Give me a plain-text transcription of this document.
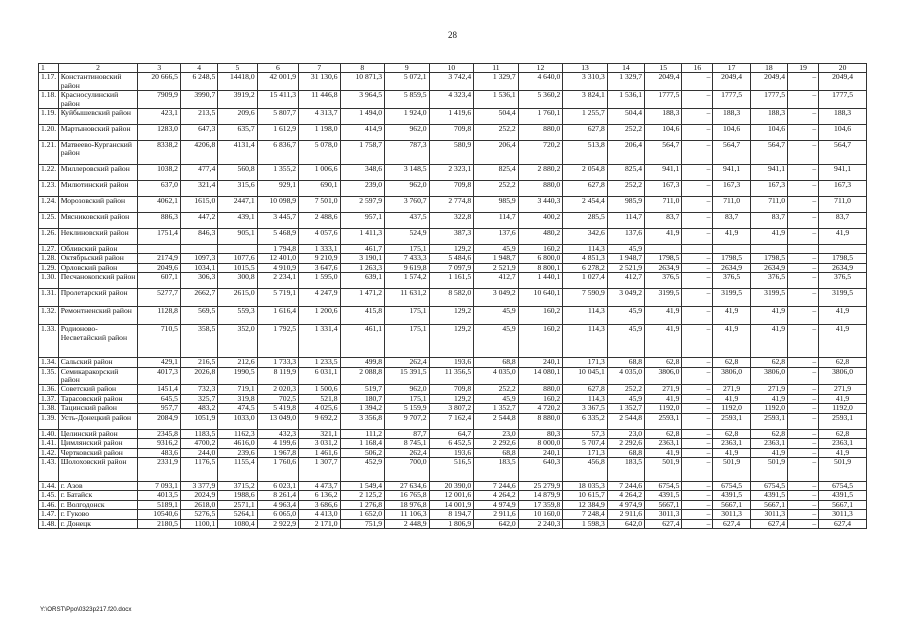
28
1	2	3	4	5	6	7	8	9	10	11	12	13	14	15	16	17	18	19	20
1.17.	Константиновский район	20 666,5	6 248,5	14418,0	42 001,9	31 130,6	10 871,3	5 072,1	3 742,4	1 329,7	4 640,0	3 310,3	1 329,7	2049,4	–	2049,4	2049,4	–	2049,4
1.18.	Красносулинский район	7909,9	3990,7	3919,2	15 411,3	11 446,8	3 964,5	5 859,5	4 323,4	1 536,1	5 360,2	3 824,1	1 536,1	1777,5	–	1777,5	1777,5	–	1777,5
1.19.	Куйбышевский район	423,1	213,5	209,6	5 807,7	4 313,7	1 494,0	1 924,0	1 419,6	504,4	1 760,1	1 255,7	504,4	188,3	–	188,3	188,3	–	188,3
1.20.	Мартыновский район	1283,0	647,3	635,7	1 612,9	1 198,0	414,9	962,0	709,8	252,2	880,0	627,8	252,2	104,6	–	104,6	104,6	–	104,6
1.21.	Матвеево-Курганский район	8338,2	4206,8	4131,4	6 836,7	5 078,0	1 758,7	787,3	580,9	206,4	720,2	513,8	206,4	564,7	–	564,7	564,7	–	564,7
1.22.	Миллеровский район	1038,2	477,4	560,8	1 355,2	1 006,6	348,6	3 148,5	2 323,1	825,4	2 880,2	2 054,8	825,4	941,1	–	941,1	941,1	–	941,1
1.23.	Милютинский район	637,0	321,4	315,6	929,1	690,1	239,0	962,0	709,8	252,2	880,0	627,8	252,2	167,3	–	167,3	167,3	–	167,3
1.24.	Морозовский район	4062,1	1615,0	2447,1	10 098,9	7 501,0	2 597,9	3 760,7	2 774,8	985,9	3 440,3	2 454,4	985,9	711,0	–	711,0	711,0	–	711,0
1.25.	Мясниковский район	886,3	447,2	439,1	3 445,7	2 488,6	957,1	437,5	322,8	114,7	400,2	285,5	114,7	83,7	–	83,7	83,7	–	83,7
1.26.	Неклиновский район	1751,4	846,3	905,1	5 468,9	4 057,6	1 411,3	524,9	387,3	137,6	480,2	342,6	137,6	41,9	–	41,9	41,9	–	41,9
1.27.	Обливский район				1 794,8	1 333,1	461,7	175,1	129,2	45,9	160,2	114,3	45,9						
1.28.	Октябрьский район	2174,9	1097,3	1077,6	12 401,0	9 210,9	3 190,1	7 433,3	5 484,6	1 948,7	6 800,0	4 851,3	1 948,7	1798,5	–	1798,5	1798,5	–	1798,5
1.29.	Орловский район	2049,6	1034,1	1015,5	4 910,9	3 647,6	1 263,3	9 619,8	7 097,9	2 521,9	8 800,1	6 278,2	2 521,9	2634,9	–	2634,9	2634,9	–	2634,9
1.30.	Песчанокопский район	607,1	306,3	300,8	2 234,1	1 595,0	639,1	1 574,2	1 161,5	412,7	1 440,1	1 027,4	412,7	376,5	–	376,5	376,5	–	376,5
1.31.	Пролетарский район	5277,7	2662,7	2615,0	5 719,1	4 247,9	1 471,2	11 631,2	8 582,0	3 049,2	10 640,1	7 590,9	3 049,2	3199,5	–	3199,5	3199,5	–	3199,5
1.32.	Ремонтненский район	1128,8	569,5	559,3	1 616,4	1 200,6	415,8	175,1	129,2	45,9	160,2	114,3	45,9	41,9	–	41,9	41,9	–	41,9
1.33.	Родионово-Несветайский район	710,5	358,5	352,0	1 792,5	1 331,4	461,1	175,1	129,2	45,9	160,2	114,3	45,9	41,9	–	41,9	41,9	–	41,9
1.34.	Сальский район	429,1	216,5	212,6	1 733,3	1 233,5	499,8	262,4	193,6	68,8	240,1	171,3	68,8	62,8	–	62,8	62,8	–	62,8
1.35.	Семикаракорский район	4017,3	2026,8	1990,5	8 119,9	6 031,1	2 088,8	15 391,5	11 356,5	4 035,0	14 080,1	10 045,1	4 035,0	3806,0	–	3806,0	3806,0	–	3806,0
1.36.	Советский район	1451,4	732,3	719,1	2 020,3	1 500,6	519,7	962,0	709,8	252,2	880,0	627,8	252,2	271,9	–	271,9	271,9	–	271,9
1.37.	Тарасовский район	645,5	325,7	319,8	702,5	521,8	180,7	175,1	129,2	45,9	160,2	114,3	45,9	41,9	–	41,9	41,9	–	41,9
1.38.	Тацинский район	957,7	483,2	474,5	5 419,8	4 025,6	1 394,2	5 159,9	3 807,2	1 352,7	4 720,2	3 367,5	1 352,7	1192,0	–	1192,0	1192,0	–	1192,0
1.39.	Усть-Донецкий район	2084,9	1051,9	1033,0	13 049,0	9 692,2	3 356,8	9 707,2	7 162,4	2 544,8	8 880,0	6 335,2	2 544,8	2593,1	–	2593,1	2593,1	–	2593,1
1.40.	Целинский район	2345,8	1183,5	1162,3	432,3	321,1	111,2	87,7	64,7	23,0	80,3	57,3	23,0	62,8	–	62,8	62,8	–	62,8
1.41.	Цимлянский район	9316,2	4700,2	4616,0	4 199,6	3 031,2	1 168,4	8 745,1	6 452,5	2 292,6	8 000,0	5 707,4	2 292,6	2363,1	–	2363,1	2363,1	–	2363,1
1.42.	Чертковский район	483,6	244,0	239,6	1 967,8	1 461,6	506,2	262,4	193,6	68,8	240,1	171,3	68,8	41,9	–	41,9	41,9	–	41,9
1.43.	Шолоховский район	2331,9	1176,5	1155,4	1 760,6	1 307,7	452,9	700,0	516,5	183,5	640,3	456,8	183,5	501,9	–	501,9	501,9	–	501,9
1.44.	г. Азов	7 093,1	3 377,9	3715,2	6 023,1	4 473,7	1 549,4	27 634,6	20 390,0	7 244,6	25 279,9	18 035,3	7 244,6	6754,5	–	6754,5	6754,5	–	6754,5
1.45.	г. Батайск	4013,5	2024,9	1988,6	8 261,4	6 136,2	2 125,2	16 765,8	12 001,6	4 264,2	14 879,9	10 615,7	4 264,2	4391,5	–	4391,5	4391,5	–	4391,5
1.46.	г. Волгодонск	5189,1	2618,0	2571,1	4 963,4	3 686,6	1 276,8	18 976,8	14 001,9	4 974,9	17 359,8	12 384,9	4 974,9	5667,1	–	5667,1	5667,1	–	5667,1
1.47.	г. Гуково	10540,6	5276,5	5264,1	6 065,0	4 413,0	1 652,0	11 106,3	8 194,7	2 911,6	10 160,0	7 248,4	2 911,6	3011,3	–	3011,3	3011,3	–	3011,3
1.48.	г. Донецк	2180,5	1100,1	1080,4	2 922,9	2 171,0	751,9	2 448,9	1 806,9	642,0	2 240,3	1 598,3	642,0	627,4	–	627,4	627,4	–	627,4
Y:\ORST\Ppo\0323p217.f20.docx
